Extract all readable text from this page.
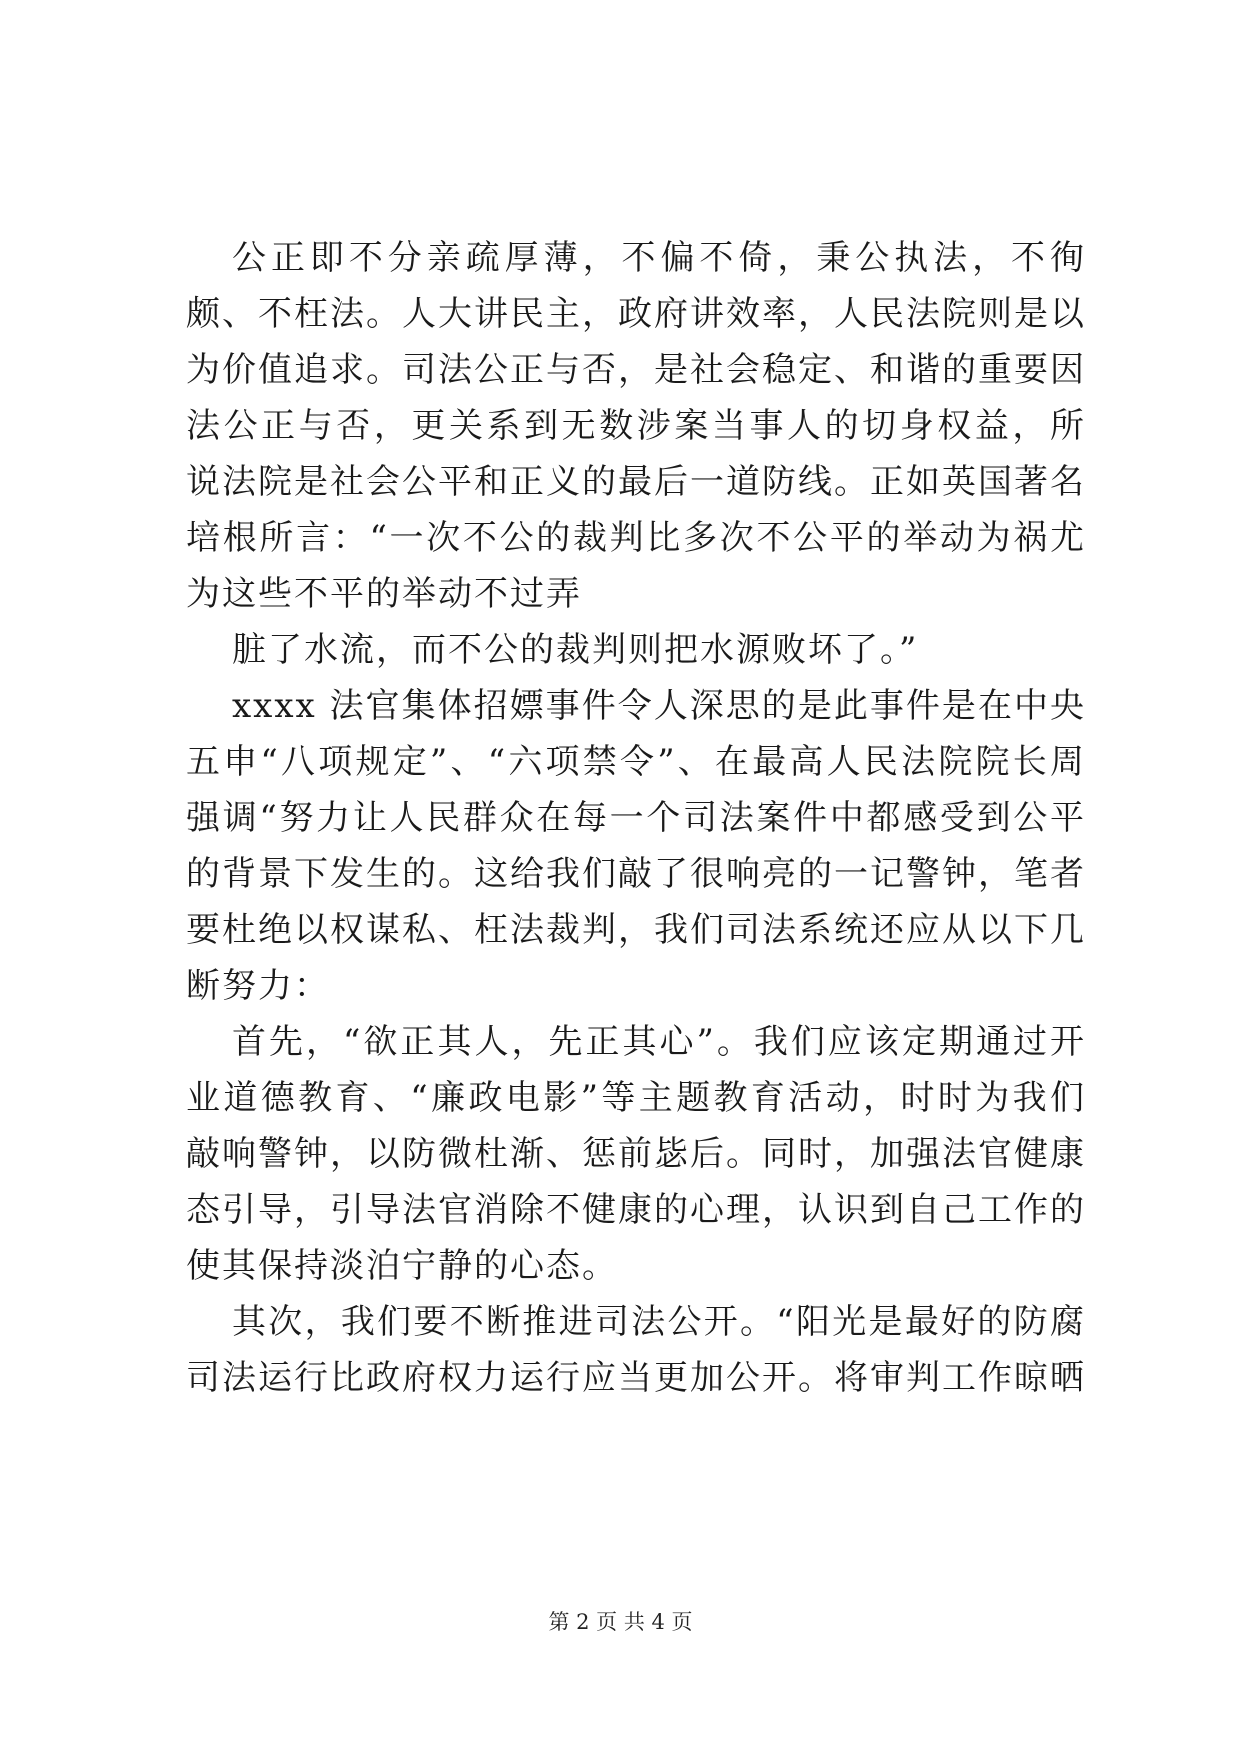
公正即不分亲疏厚薄，不偏不倚，秉公执法，不徇
颇、不枉法。人大讲民主，政府讲效率，人民法院则是以
为价值追求。司法公正与否，是社会稳定、和谐的重要因
法公正与否，更关系到无数涉案当事人的切身权益，所
说法院是社会公平和正义的最后一道防线。正如英国著名
培根所言：“一次不公的裁判比多次不公平的举动为祸尤
为这些不平的举动不过弄
脏了水流，而不公的裁判则把水源败坏了。”
xxxx 法官集体招嫖事件令人深思的是此事件是在中央
五申“八项规定”、“六项禁令”、在最高人民法院院长周
强调“努力让人民群众在每一个司法案件中都感受到公平
的背景下发生的。这给我们敲了很响亮的一记警钟，笔者
要杜绝以权谋私、枉法裁判，我们司法系统还应从以下几
断努力：
首先，“欲正其人，先正其心”。我们应该定期通过开
业道德教育、“廉政电影”等主题教育活动，时时为我们
敲响警钟，以防微杜渐、惩前毖后。同时，加强法官健康
态引导，引导法官消除不健康的心理，认识到自己工作的
使其保持淡泊宁静的心态。
其次，我们要不断推进司法公开。“阳光是最好的防腐
司法运行比政府权力运行应当更加公开。将审判工作晾晒
第 2 页 共 4 页
